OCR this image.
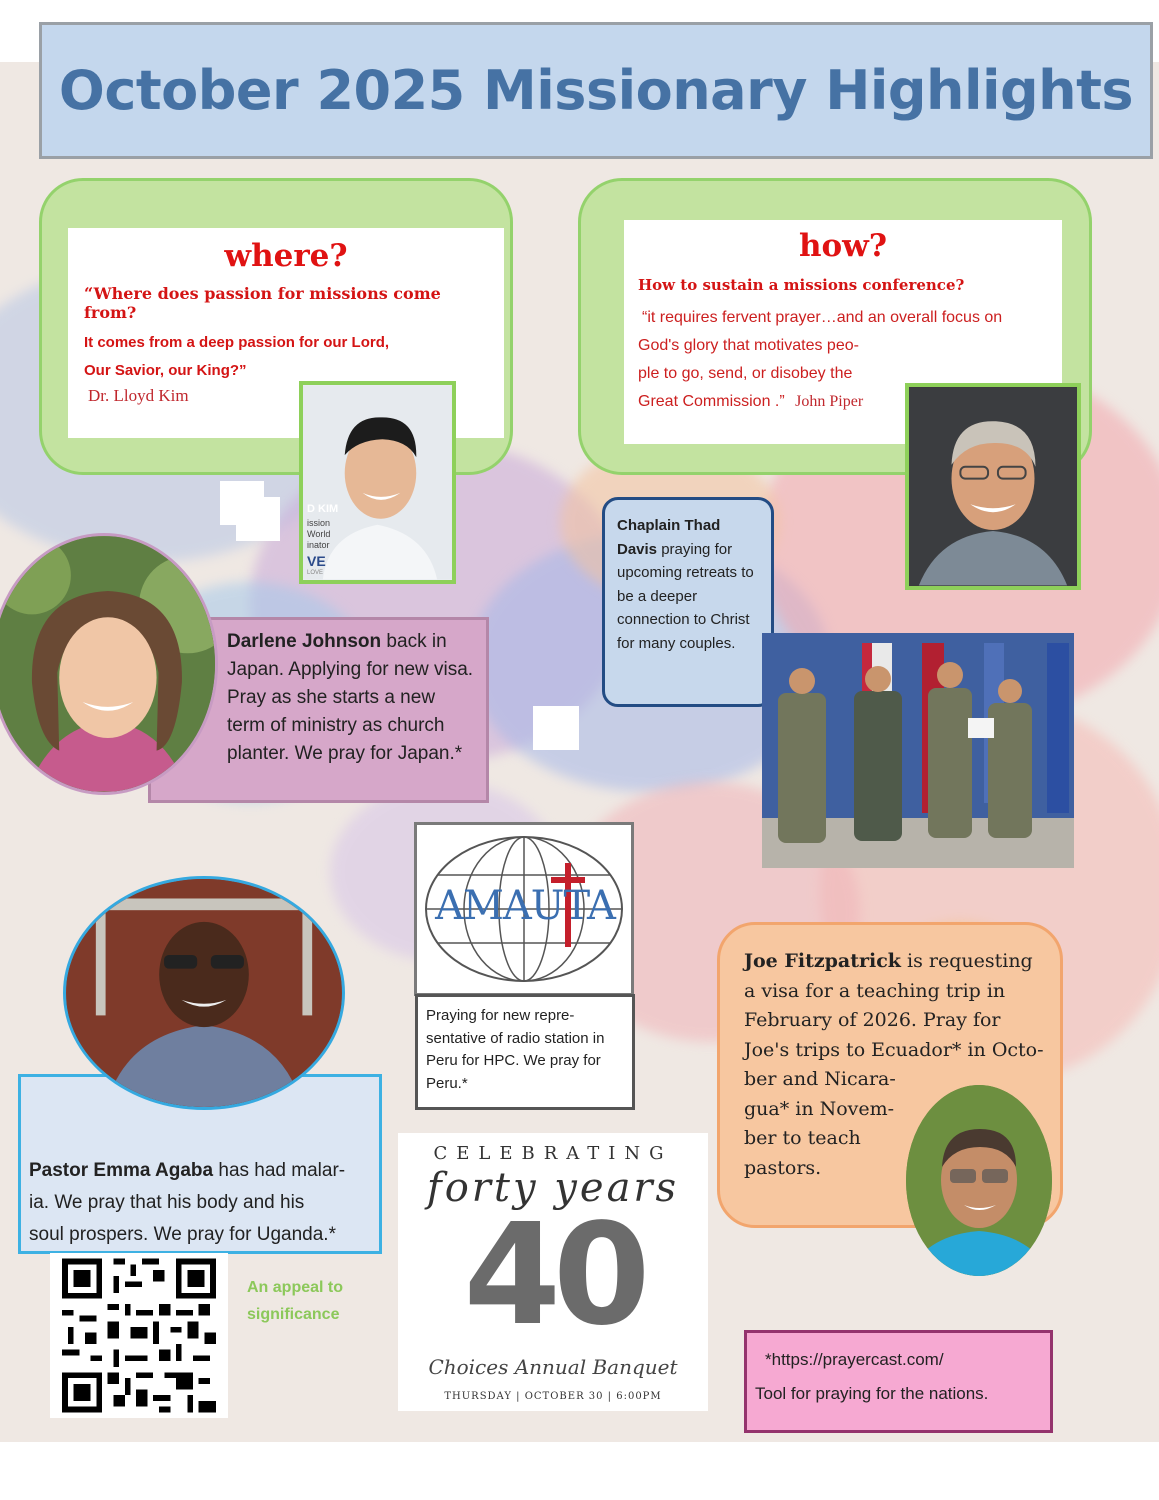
October 2025 Missionary Highlights
where?
“Where does passion for missions come from?
It comes from a deep passion for our Lord,
Our Savior, our King?”
Dr. Lloyd Kim
how?
How to sustain a missions conference?
“it requires fervent prayer…and an overall focus on
God's glory that motivates peo-
ple to go, send, or disobey the
Great Commission .” John Piper
D KIM
ission
World
inator
VE
LOVE
Darlene Johnson back in Japan. Applying for new visa. Pray as she starts a new term of ministry as church planter. We pray for Japan.*
Chaplain Thad Davis praying for upcoming retreats to be a deeper connection to Christ for many couples.
AMAUTA
Praying for new repre-sentative of radio station in Peru for HPC. We pray for Peru.*
Joe Fitzpatrick is requesting
a visa for a teaching trip in
February of 2026. Pray for
Joe's trips to Ecuador* in Octo-
ber and Nicara-
gua* in Novem-
ber to teach
pastors.
Pastor Emma Agaba has had malar-
ia. We pray that his body and his
soul prospers. We pray for Uganda.*
An appeal to
significance
CELEBRATING
forty years
40
Choices Annual Banquet
THURSDAY | OCTOBER 30 | 6:00PM
*https://prayercast.com/
Tool for praying for the nations.
